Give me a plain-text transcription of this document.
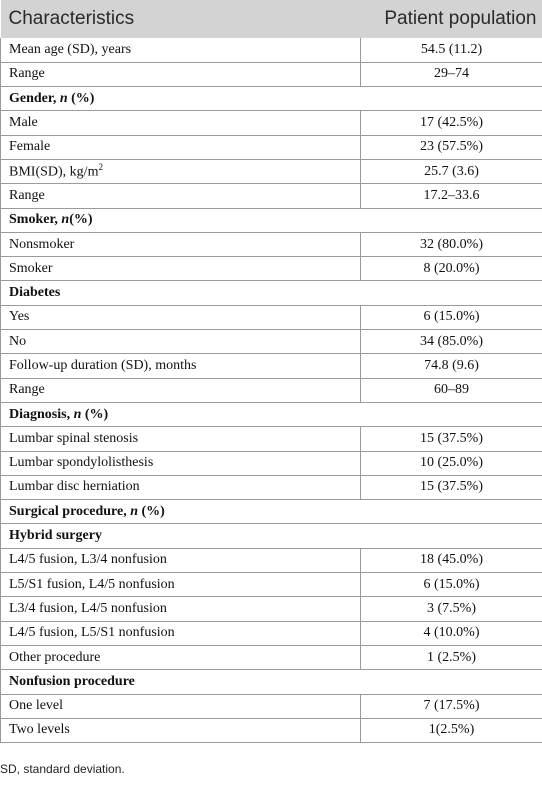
Characteristics	Patient population
Mean age (SD), years	54.5 (11.2)
Range	29–74
Gender, n (%)	
Male	17 (42.5%)
Female	23 (57.5%)
BMI(SD), $kg/m^2$	25.7 (3.6)
Range	17.2–33.6
Smoker, n(%)	
Nonsmoker	32 (80.0%)
Smoker	8 (20.0%)
Diabetes	
Yes	6 (15.0%)
No	34 (85.0%)
Follow-up duration (SD), months	74.8 (9.6)
Range	60–89
Diagnosis, n (%)	
Lumbar spinal stenosis	15 (37.5%)
Lumbar spondylolisthesis	10 (25.0%)
Lumbar disc herniation	15 (37.5%)
Surgical procedure, n (%)	
Hybrid surgery	
L4/5 fusion, L3/4 nonfusion	18 (45.0%)
L5/S1 fusion, L4/5 nonfusion	6 (15.0%)
L3/4 fusion, L4/5 nonfusion	3 (7.5%)
L4/5 fusion, L5/S1 nonfusion	4 (10.0%)
Other procedure	1 (2.5%)
Nonfusion procedure	
One level	7 (17.5%)
Two levels	1(2.5%)
SD, standard deviation.
